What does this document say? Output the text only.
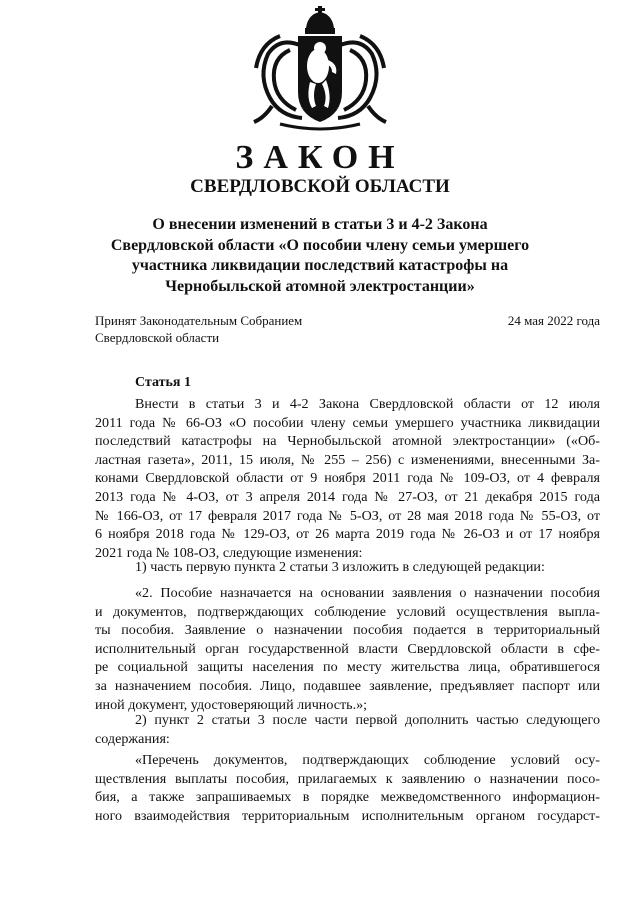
ЗАКОН
СВЕРДЛОВСКОЙ ОБЛАСТИ
О внесении изменений в статьи 3 и 4-2 Закона
Свердловской области «О пособии члену семьи умершего
участника ликвидации последствий катастрофы на
Чернобыльской атомной электростанции»
Принят Законодательным Собранием
Свердловской области
24 мая 2022 года
Статья 1
Внести в статьи 3 и 4-2 Закона Свердловской области от 12 июля
2011 года № 66-ОЗ «О пособии члену семьи умершего участника ликвидации
последствий катастрофы на Чернобыльской атомной электростанции» («Об-
ластная газета», 2011, 15 июля, № 255 – 256) с изменениями, внесенными За-
конами Свердловской области от 9 ноября 2011 года № 109-ОЗ, от 4 февраля
2013 года № 4-ОЗ, от 3 апреля 2014 года № 27-ОЗ, от 21 декабря 2015 года
№ 166-ОЗ, от 17 февраля 2017 года № 5-ОЗ, от 28 мая 2018 года № 55-ОЗ, от
6 ноября 2018 года № 129-ОЗ, от 26 марта 2019 года № 26-ОЗ и от 17 ноября
2021 года № 108-ОЗ, следующие изменения:
1) часть первую пункта 2 статьи 3 изложить в следующей редакции:
«2. Пособие назначается на основании заявления о назначении пособия
и документов, подтверждающих соблюдение условий осуществления выпла-
ты пособия. Заявление о назначении пособия подается в территориальный
исполнительный орган государственной власти Свердловской области в сфе-
ре социальной защиты населения по месту жительства лица, обратившегося
за назначением пособия. Лицо, подавшее заявление, предъявляет паспорт или
иной документ, удостоверяющий личность.»;
2) пункт 2 статьи 3 после части первой дополнить частью следующего
содержания:
«Перечень документов, подтверждающих соблюдение условий осу-
ществления выплаты пособия, прилагаемых к заявлению о назначении посо-
бия, а также запрашиваемых в порядке межведомственного информацион-
ного взаимодействия территориальным исполнительным органом государст-
